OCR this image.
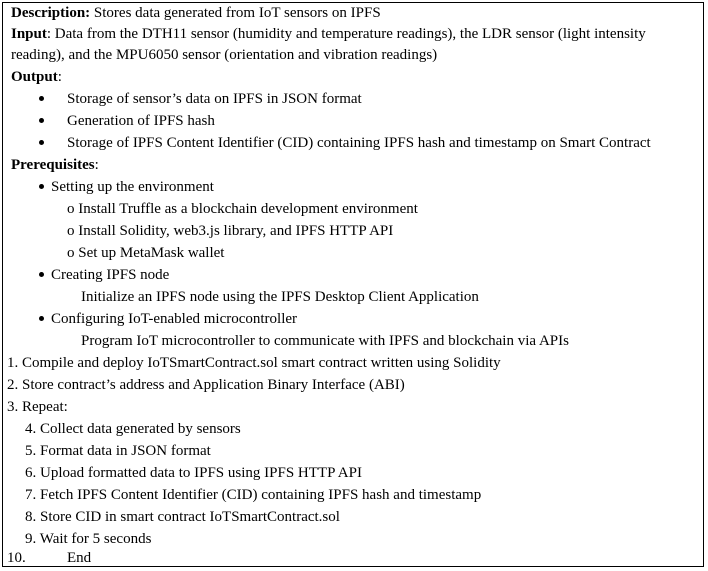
Description: Stores data generated from IoT sensors on IPFS
Input: Data from the DTH11 sensor (humidity and temperature readings), the LDR sensor (light intensity
reading), and the MPU6050 sensor (orientation and vibration readings)
Output:
Storage of sensor’s data on IPFS in JSON format
Generation of IPFS hash
Storage of IPFS Content Identifier (CID) containing IPFS hash and timestamp on Smart Contract
Prerequisites:
Setting up the environment
o Install Truffle as a blockchain development environment
o Install Solidity, web3.js library, and IPFS HTTP API
o Set up MetaMask wallet
Creating IPFS node
Initialize an IPFS node using the IPFS Desktop Client Application
Configuring IoT-enabled microcontroller
Program IoT microcontroller to communicate with IPFS and blockchain via APIs
1. Compile and deploy IoTSmartContract.sol smart contract written using Solidity
2. Store contract’s address and Application Binary Interface (ABI)
3. Repeat:
4. Collect data generated by sensors
5. Format data in JSON format
6. Upload formatted data to IPFS using IPFS HTTP API
7. Fetch IPFS Content Identifier (CID) containing IPFS hash and timestamp
8. Store CID in smart contract IoTSmartContract.sol
9. Wait for 5 seconds
10.	End
